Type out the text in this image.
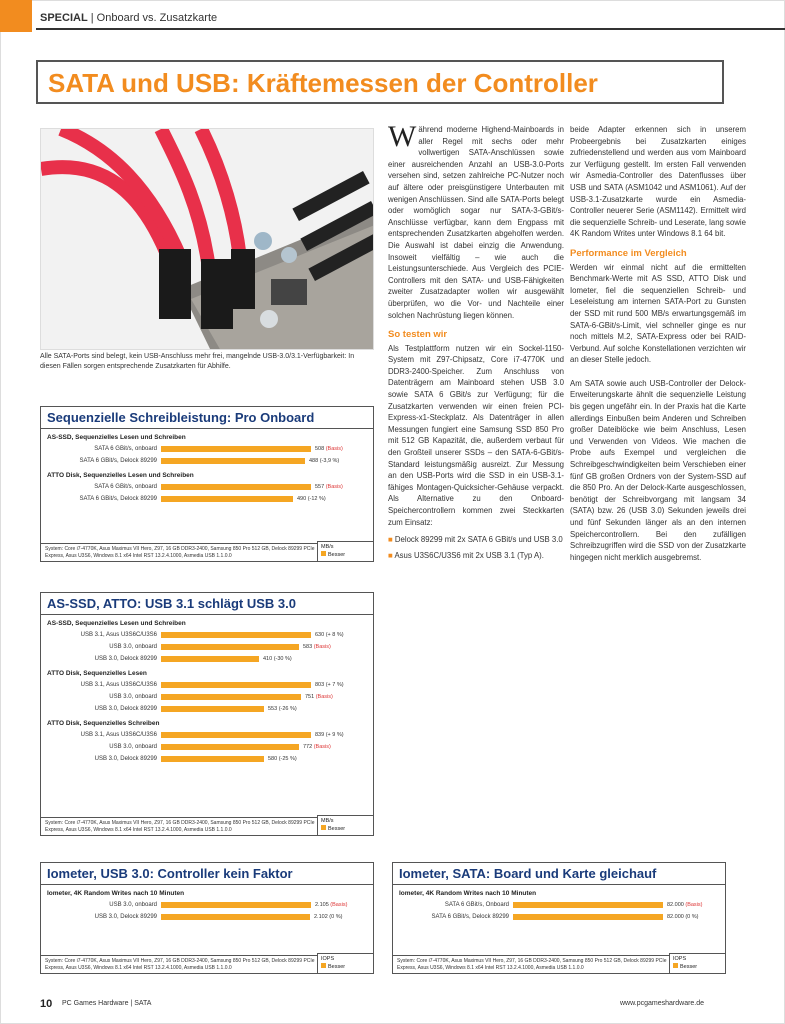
SPECIAL | Onboard vs. Zusatzkarte
SATA und USB: Kräftemessen der Controller
Alle SATA-Ports sind belegt, kein USB-Anschluss mehr frei, mangelnde USB-3.0/3.1-Verfügbarkeit: In diesen Fällen sorgen entsprechende Zusatzkarten für Abhilfe.
W ährend moderne Highend-Mainboards in aller Regel mit sechs oder mehr vollwertigen SATA-Anschlüssen sowie einer ausreichenden Anzahl an USB-3.0-Ports versehen sind, setzen zahlreiche PC-Nutzer noch auf ältere oder preisgünstigere Unterbauten mit wenigen Anschlüssen. Sind alle SATA-Ports belegt oder womöglich sogar nur SATA-3-GBit/s-Anschlüsse verfügbar, kann dem Engpass mit entsprechenden Zusatzkarten abgeholfen werden. Die Auswahl ist dabei einzig die Anwendung. Insoweit vielfältig – wie auch die Leistungsunterschiede. Aus Vergleich des PCIE-Controllers mit den SATA- und USB-Fähigkeiten zweiter Zusatzadapter wollen wir ausgewählt überprüfen, wo die Vor- und Nachteile einer solchen Nachrüstung liegen können.

So testen wir

Als Testplattform nutzen wir ein Sockel-1150-System mit Z97-Chipsatz, Core i7-4770K und DDR3-2400-Speicher. Zum Anschluss von Datenträgern am Mainboard stehen USB 3.0 sowie SATA 6 GBit/s zur Verfügung; für die Zusatzkarten verwenden wir einen freien PCI-Express-x1-Steckplatz. Als Datenträger in allen Messungen fungiert eine Samsung SSD 850 Pro mit 512 GB Kapazität, die, außerdem verbaut für den Großteil unserer SSDs – den SATA-6-GBit/s-Standard leistungsmäßig ausreizt. Zur Messung an den USB-Ports wird die SSD in ein USB-3.1-fähiges Montagen-Quicksicher-Gehäuse verpackt. Als Alternative zu den Onboard-Speichercontrollern kommen zwei Steckkarten zum Einsatz:

■ Delock 89299 mit 2x SATA 6 GBit/s und USB 3.0

■ Asus U3S6C/U3S6 mit 2x USB 3.1 (Typ A).

beide Adapter erkennen sich in unserem Probeergebnis bei Zusatzkarten einiges zufriedenstellend und werden aus vom Mainboard zur Verfügung gestellt. Im ersten Fall verwenden wir Asmedia-Controller des Datenflusses über USB und SATA (ASM1042 und ASM1061). Auf der USB-3.1-Zusatzkarte wurde ein Asmedia-Controller neuerer Serie (ASM1142). Ermittelt wird die sequenzielle Schreib- und Leserate, lang sowie 4K Random Writes unter Windows 8.1 64 bit.

Performance im Vergleich

Werden wir einmal nicht auf die ermittelten Benchmark-Werte mit AS SSD, ATTO Disk und Iometer, fiel die sequenziellen Schreib- und Leseleistung am internen SATA-Port zu Gunsten der SSD mit rund 500 MB/s erwartungsgemäß im SATA-6-GBit/s-Limit, viel schneller ginge es nur noch mittels M.2, SATA-Express oder bei RAID-Verbund. Auf solche Konstellationen verzichten wir an dieser Stelle jedoch.

Am SATA sowie auch USB-Controller der Delock-Erweiterungskarte ähnlt die sequenzielle Leistung bis gegen ungefähr ein. In der Praxis hat die Karte allerdings Einbußen beim Anderen und Schreiben großer Dateiblöcke wie beim Anschluss, Lesen und Verwenden von Videos. Wie machen die Probe aufs Exempel und vergleichen die Schreibgeschwindigkeiten beim Verschieben einer fünf GB großen Ordners von der System-SSD auf die 850 Pro. An der Delock-Karte ausgeschlossen, benötigt der Schreibvorgang mit langsam 34 (SATA) bzw. 26 (USB 3.0) Sekunden jeweils drei und fünf Sekunden länger als an den internen Speichercontrollern. Bei den zufälligen Schreibzugriffen wird die SSD von der Zusatzkarte hingegen nicht merklich ausgebremst.

Sequenzielle Schreibleistung: Pro Onboard
AS-SSD, Sequenzielles Lesen und Schreiben
SATA 6 GBit/s, onboard	508 (Basis)
SATA 6 GBit/s, Delock 89299	488 (-3,9 %)
ATTO Disk, Sequenzielles Lesen und Schreiben
SATA 6 GBit/s, onboard	557 (Basis)
SATA 6 GBit/s, Delock 89299	490 (-12 %)
System: Core i7-4770K, Asus Maximus VII Hero, Z97, 16 GB DDR3-2400, Samsung 850 Pro 512 GB, Delock 89299 PCIe Express, Asus U3S6, Windows 8.1 x64 Intel RST 13.2.4.1000, Asmedia USB 1.1.0.0
MB/s
Besser
AS-SSD, ATTO: USB 3.1 schlägt USB 3.0
AS-SSD, Sequenzielles Lesen und Schreiben
USB 3.1, Asus U3S6C/U3S6	630 (+ 8 %)
USB 3.0, onboard	583 (Basis)
USB 3.0, Delock 89299	410 (-30 %)
ATTO Disk, Sequenzielles Lesen
USB 3.1, Asus U3S6C/U3S6	803 (+ 7 %)
USB 3.0, onboard	751 (Basis)
USB 3.0, Delock 89299	553 (-26 %)
ATTO Disk, Sequenzielles Schreiben
USB 3.1, Asus U3S6C/U3S6	839 (+ 9 %)
USB 3.0, onboard	772 (Basis)
USB 3.0, Delock 89299	580 (-25 %)
System: Core i7-4770K, Asus Maximus VII Hero, Z97, 16 GB DDR3-2400, Samsung 850 Pro 512 GB, Delock 89299 PCIe Express, Asus U3S6, Windows 8.1 x64 Intel RST 13.2.4.1000, Asmedia USB 1.1.0.0
MB/s
Besser
Iometer, USB 3.0: Controller kein Faktor
Iometer, 4K Random Writes nach 10 Minuten
USB 3.0, onboard	2.105 (Basis)
USB 3.0, Delock 89299	2.102 (0 %)
System: Core i7-4770K, Asus Maximus VII Hero, Z97, 16 GB DDR3-2400, Samsung 850 Pro 512 GB, Delock 89299 PCIe Express, Asus U3S6, Windows 8.1 x64 Intel RST 13.2.4.1000, Asmedia USB 1.1.0.0
IOPS
Besser
Iometer, SATA: Board und Karte gleichauf
Iometer, 4K Random Writes nach 10 Minuten
SATA 6 GBit/s, Onboard	82.000 (Basis)
SATA 6 GBit/s, Delock 89299	82.000 (0 %)
System: Core i7-4770K, Asus Maximus VII Hero, Z97, 16 GB DDR3-2400, Samsung 850 Pro 512 GB, Delock 89299 PCIe Express, Asus U3S6, Windows 8.1 x64 Intel RST 13.2.4.1000, Asmedia USB 1.1.0.0
IOPS
Besser
10 PC Games Hardware | SATA	www.pcgameshardware.de
